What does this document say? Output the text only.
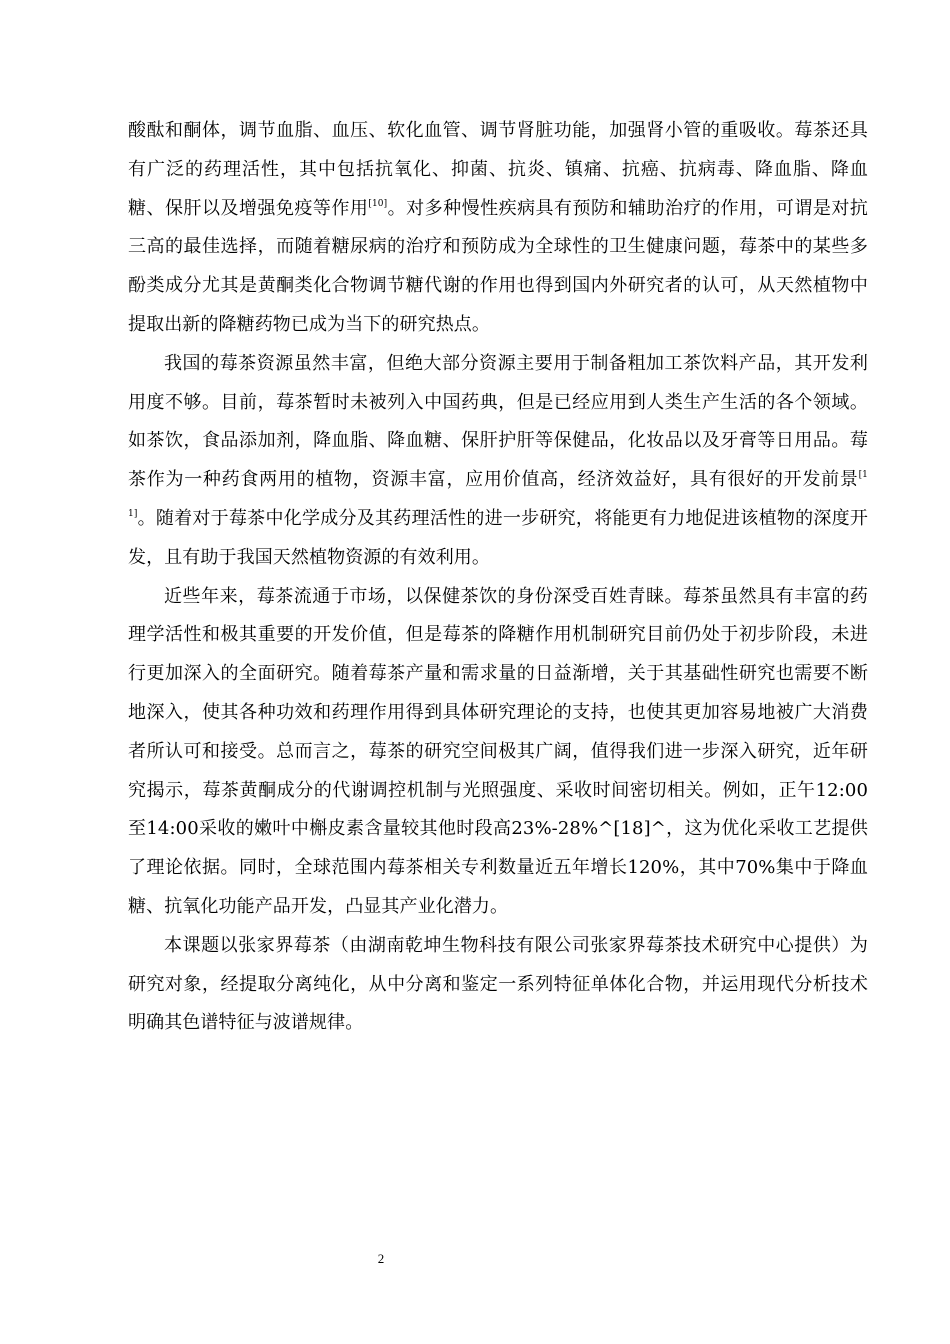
酸酞和酮体，调节血脂、血压、软化血管、调节肾脏功能，加强肾小管的重吸收。莓茶还具有广泛的药理活性，其中包括抗氧化、抑菌、抗炎、镇痛、抗癌、抗病毒、降血脂、降血糖、保肝以及增强免疫等作用[10]。对多种慢性疾病具有预防和辅助治疗的作用，可谓是对抗三高的最佳选择，而随着糖尿病的治疗和预防成为全球性的卫生健康问题，莓茶中的某些多酚类成分尤其是黄酮类化合物调节糖代谢的作用也得到国内外研究者的认可，从天然植物中提取出新的降糖药物已成为当下的研究热点。

我国的莓茶资源虽然丰富，但绝大部分资源主要用于制备粗加工茶饮料产品，其开发利用度不够。目前，莓茶暂时未被列入中国药典，但是已经应用到人类生产生活的各个领域。如茶饮，食品添加剂，降血脂、降血糖、保肝护肝等保健品，化妆品以及牙膏等日用品。莓茶作为一种药食两用的植物，资源丰富，应用价值高，经济效益好，具有很好的开发前景[11]。随着对于莓茶中化学成分及其药理活性的进一步研究，将能更有力地促进该植物的深度开发，且有助于我国天然植物资源的有效利用。

近些年来，莓茶流通于市场，以保健茶饮的身份深受百姓青睐。莓茶虽然具有丰富的药理学活性和极其重要的开发价值，但是莓茶的降糖作用机制研究目前仍处于初步阶段，未进行更加深入的全面研究。随着莓茶产量和需求量的日益渐增，关于其基础性研究也需要不断地深入，使其各种功效和药理作用得到具体研究理论的支持，也使其更加容易地被广大消费者所认可和接受。总而言之，莓茶的研究空间极其广阔，值得我们进一步深入研究，近年研究揭示，莓茶黄酮成分的代谢调控机制与光照强度、采收时间密切相关。例如，正午12:00至14:00采收的嫩叶中槲皮素含量较其他时段高23%-28%^[18]^，这为优化采收工艺提供了理论依据。同时，全球范围内莓茶相关专利数量近五年增长120%，其中70%集中于降血糖、抗氧化功能产品开发，凸显其产业化潜力。

本课题以张家界莓茶（由湖南乾坤生物科技有限公司张家界莓茶技术研究中心提供）为研究对象，经提取分离纯化，从中分离和鉴定一系列特征单体化合物，并运用现代分析技术明确其色谱特征与波谱规律。

2
